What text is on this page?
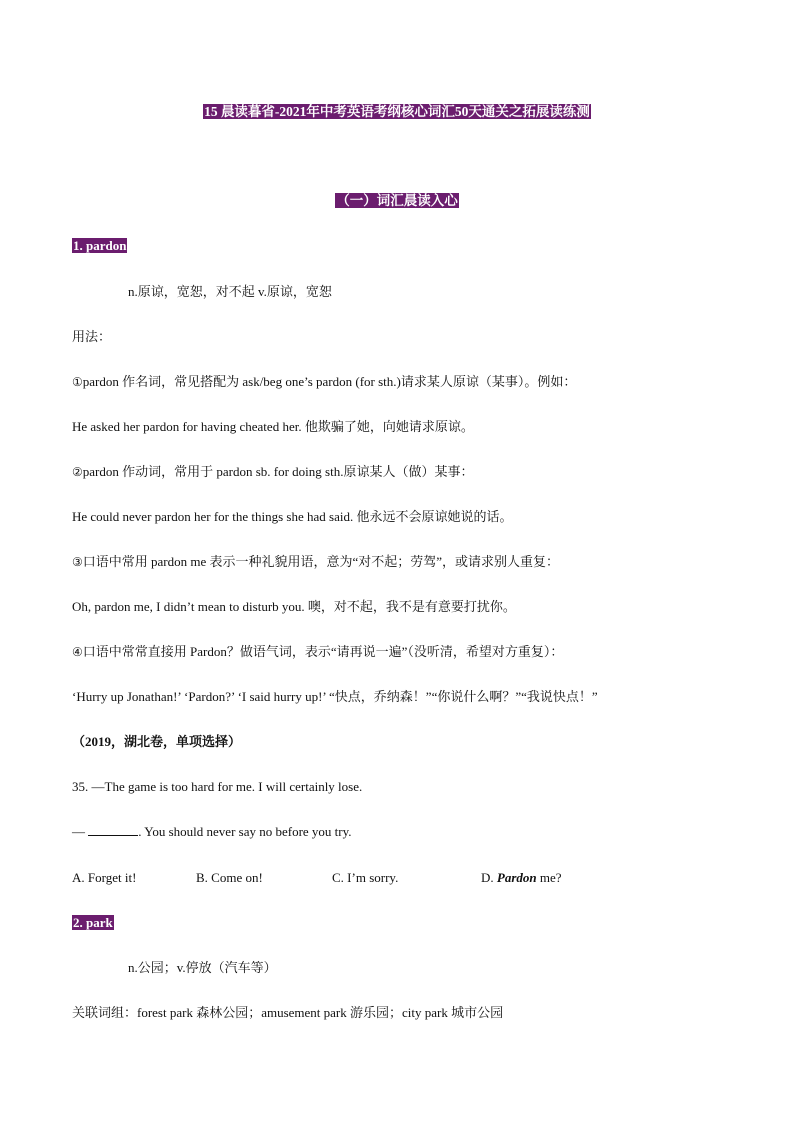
15 晨读暮省-2021年中考英语考纲核心词汇50天通关之拓展读练测
（一）词汇晨读入心
1. pardon
n.原谅，宽恕，对不起 v.原谅，宽恕
用法：
①pardon 作名词，常见搭配为 ask/beg one’s pardon (for sth.)请求某人原谅（某事）。例如：
He asked her pardon for having cheated her. 他欺骗了她，向她请求原谅。
②pardon 作动词，常用于 pardon sb. for doing sth.原谅某人（做）某事：
He could never pardon her for the things she had said. 他永远不会原谅她说的话。
③口语中常用 pardon me 表示一种礼貌用语，意为“对不起；劳驾”，或请求别人重复：
Oh, pardon me, I didn’t mean to disturb you. 噢，对不起，我不是有意要打扰你。
④口语中常常直接用 Pardon？做语气词，表示“请再说一遍”（没听清，希望对方重复）：
‘Hurry up Jonathan!’ ‘Pardon?’ ‘I said hurry up!’ “快点，乔纳森！”“你说什么啊？”“我说快点！”
（2019，湖北卷，单项选择）
35. —The game is too hard for me. I will certainly lose.
—	. You should never say no before you try.
A. Forget it!	B. Come on!	C. I’m sorry.	D. Pardon me?
2. park
n.公园；v.停放（汽车等）
关联词组：forest park 森林公园；amusement park 游乐园；city park 城市公园
